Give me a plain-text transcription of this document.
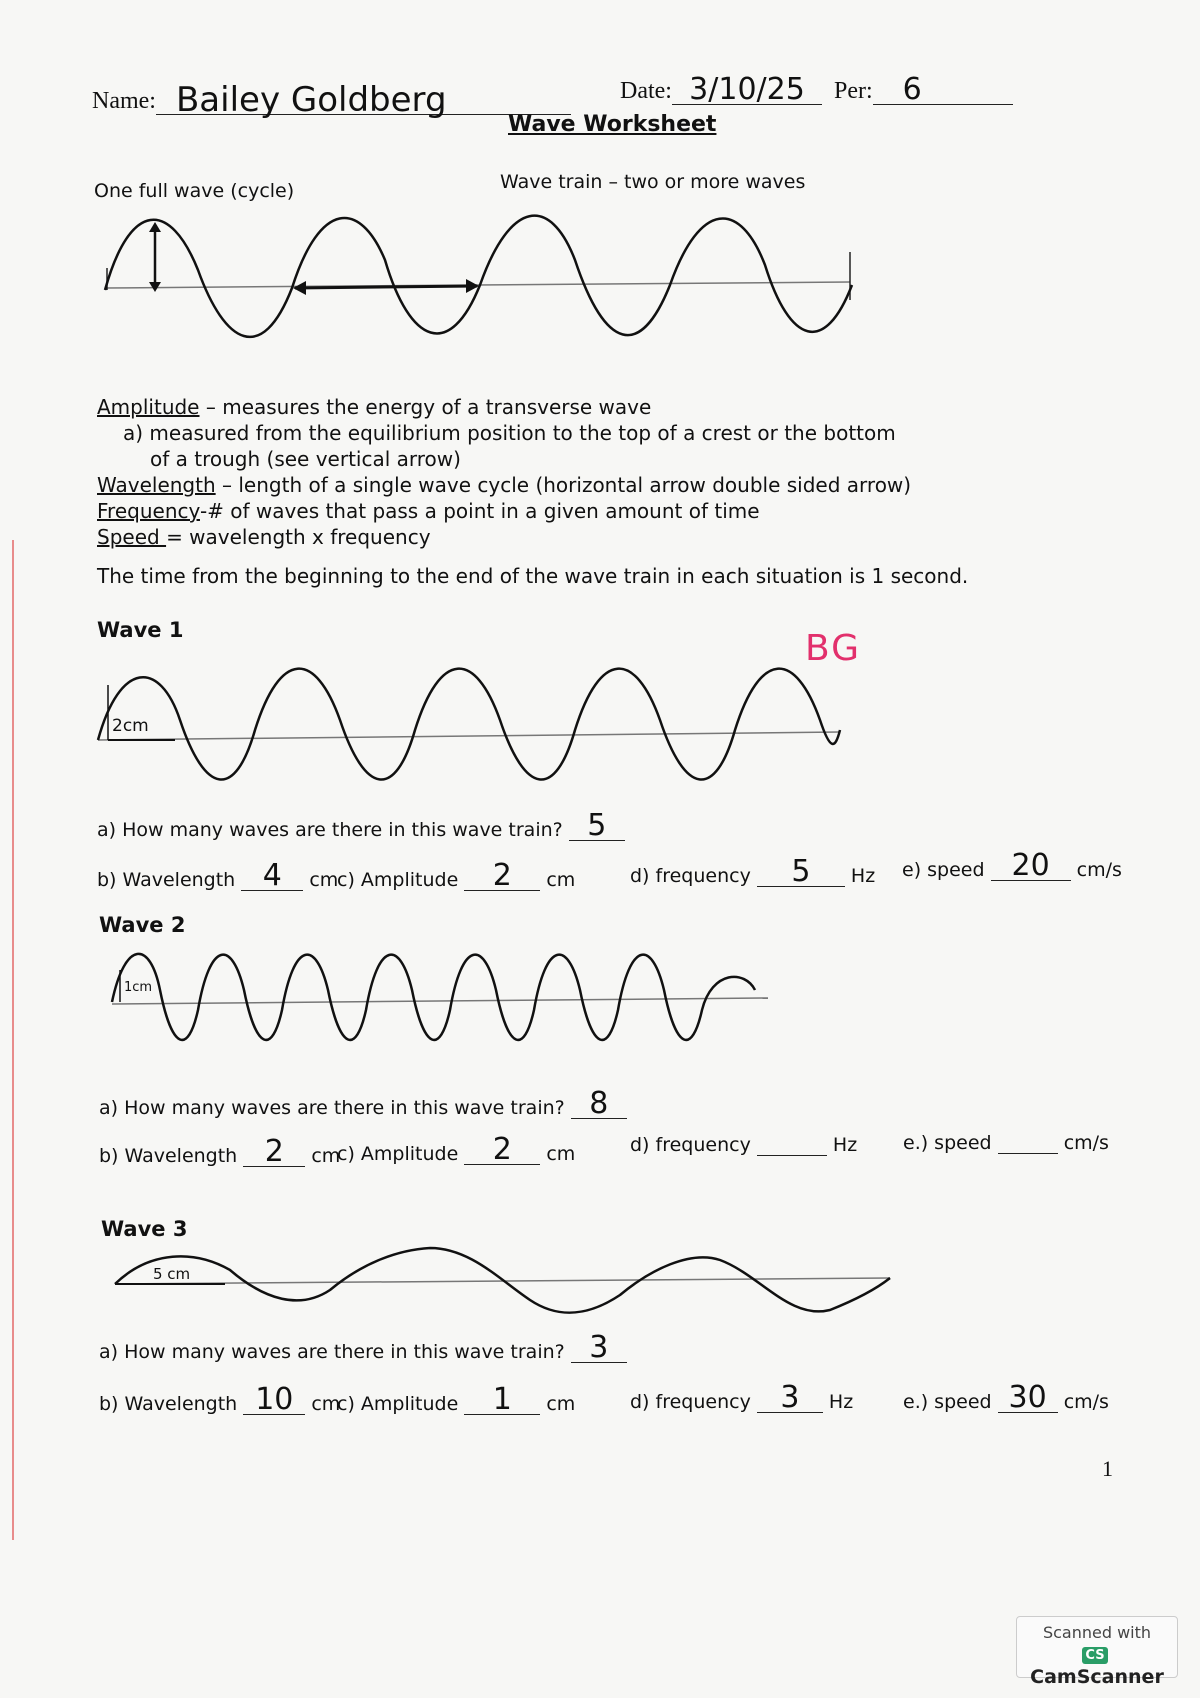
Name: Bailey Goldberg	Date: 3/10/25 Per: 6
Wave Worksheet
One full wave (cycle)	Wave train – two or more waves
Amplitude – measures the energy of a transverse wave
a) measured from the equilibrium position to the top of a crest or the bottom
of a trough (see vertical arrow)
Wavelength – length of a single wave cycle (horizontal arrow double sided arrow)
Frequency-# of waves that pass a point in a given amount of time
Speed = wavelength x frequency
The time from the beginning to the end of the wave train in each situation is 1 second.
Wave 1	BG
2cm
a) How many waves are there in this wave train? 5
b) Wavelength 4 cm
c) Amplitude 2 cm	d) frequency 5 Hz e) speed 20 cm/s
Wave 2
1cm
a) How many waves are there in this wave train? 8
b) Wavelength 2 cm
c) Amplitude 2 cm	d) frequency	Hz e.) speed	cm/s
Wave 3
5 cm
a) How many waves are there in this wave train? 3
b) Wavelength 10 cm
c) Amplitude 1 cm	d) frequency 3 Hz	e.) speed 30 cm/s
1
Scanned with
CSCamScanner
